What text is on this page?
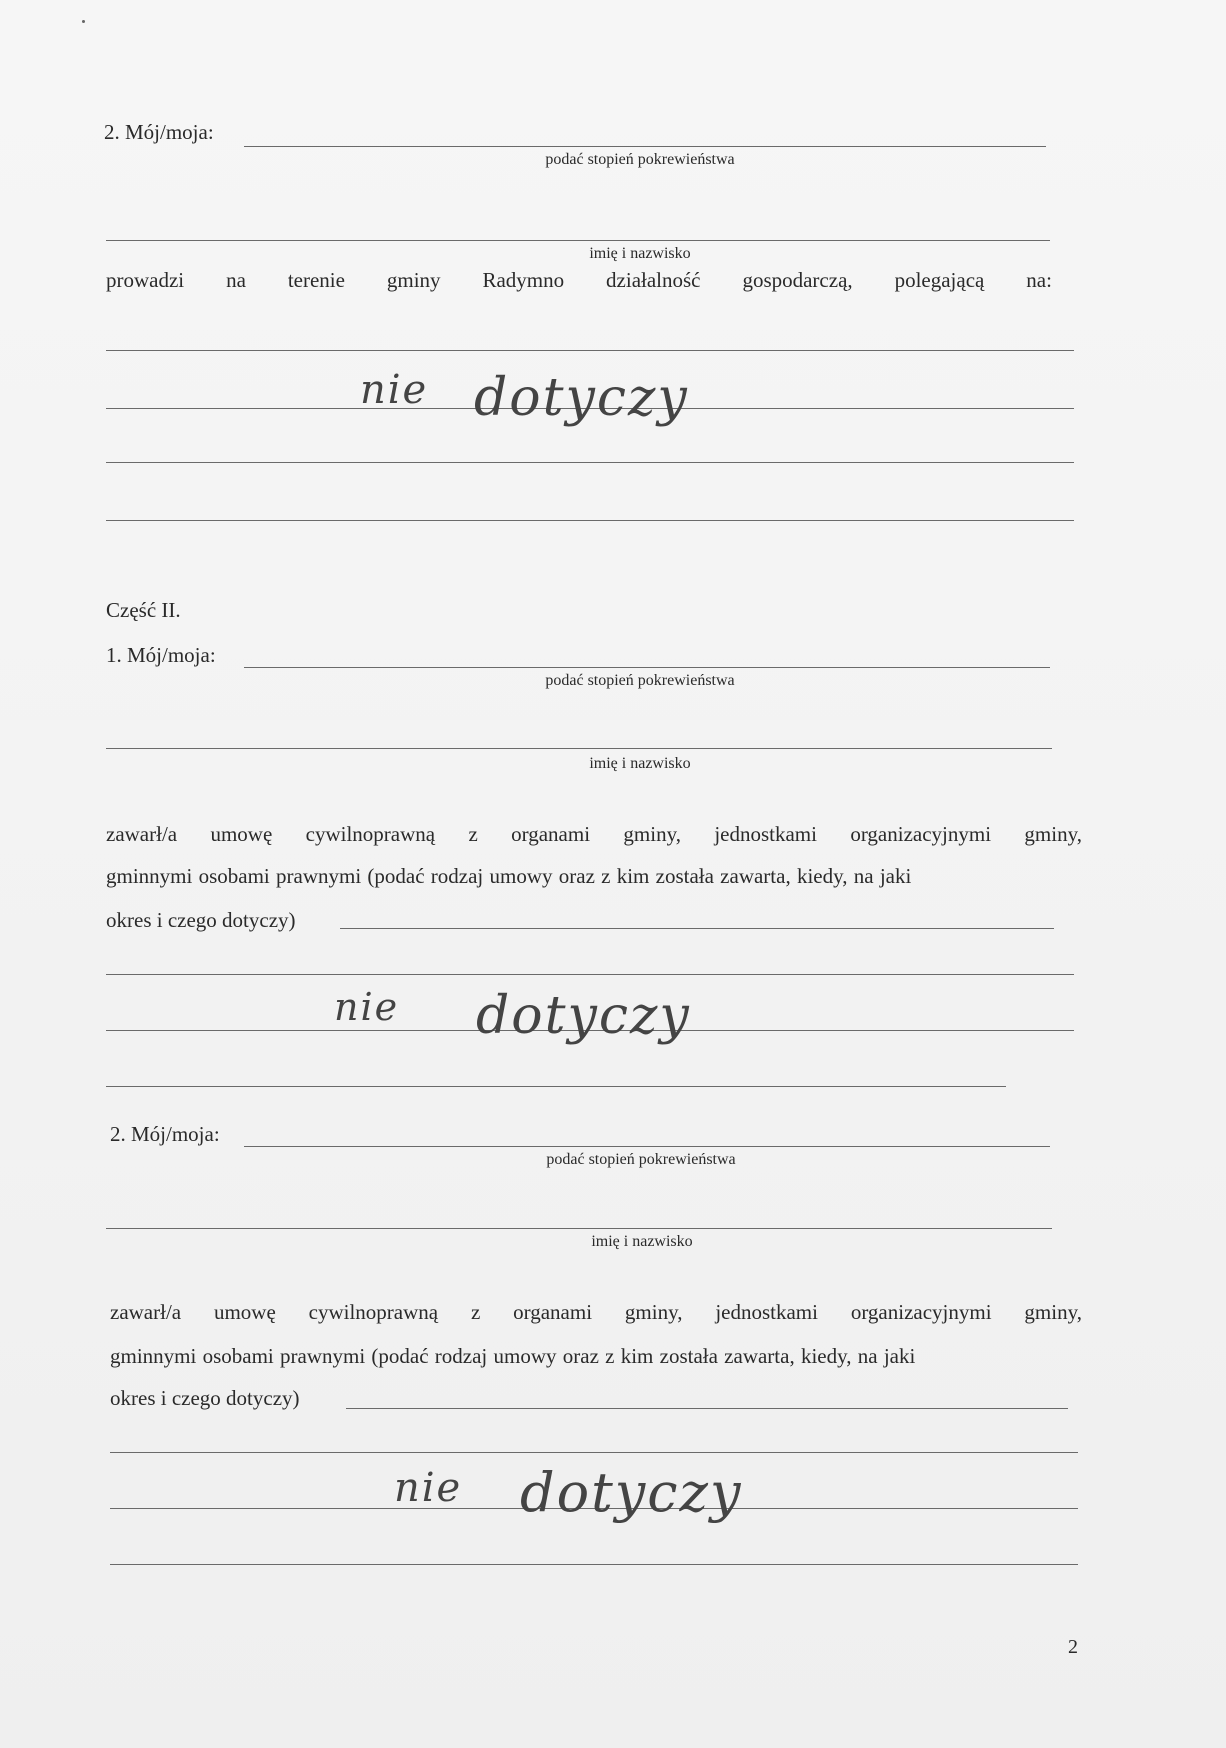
2. Mój/moja:
podać stopień pokrewieństwa
imię i nazwisko
prowadzi na terenie gminy Radymno działalność gospodarczą, polegającą na:
nie dotyczy
Część II.
1. Mój/moja:
podać stopień pokrewieństwa
imię i nazwisko
zawarł/a umowę cywilnoprawną z organami gminy, jednostkami organizacyjnymi gminy,
gminnymi osobami prawnymi (podać rodzaj umowy oraz z kim została zawarta, kiedy, na jaki
okres i czego dotyczy)
nie dotyczy
2. Mój/moja:
podać stopień pokrewieństwa
imię i nazwisko
zawarł/a umowę cywilnoprawną z organami gminy, jednostkami organizacyjnymi gminy,
gminnymi osobami prawnymi (podać rodzaj umowy oraz z kim została zawarta, kiedy, na jaki
okres i czego dotyczy)
nie dotyczy
2
